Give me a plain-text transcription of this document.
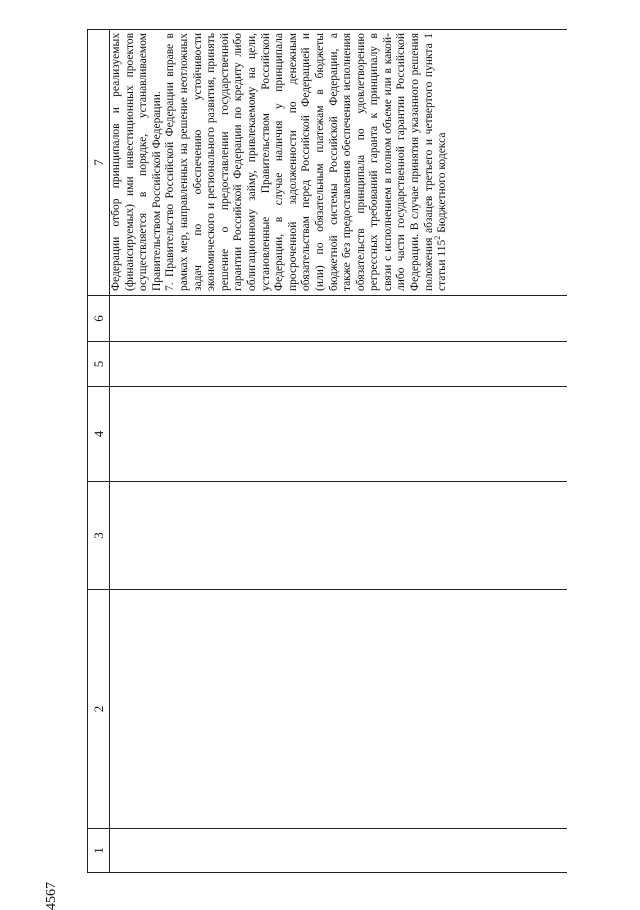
4567
1	2	3	4	5	6	7

						Федерации отбор принципалов и реализуемых (финансируемых) ими инвестиционных проектов осуществляется в порядке, устанавливаемом Правительством Российской Федерации. 7. Правительство Российской Федерации вправе в рамках мер, направленных на решение неотложных задач по обеспечению устойчивости экономического и регионального развития, принять решение о предоставлении государственной гарантии Российской Федерации по кредиту либо облигационному займу, привлекаемому на цели, установленные Правительством Российской Федерации, в случае наличия у принципала просроченной задолженности по денежным обязательствам перед Российской Федерацией и (или) по обязательным платежам в бюджеты бюджетной системы Российской Федерации, а также без предоставления обеспечения исполнения обязательств принципала по удовлетворению регрессных требований гаранта к принципалу в связи с исполнением в полном объеме или в какой-либо части государственной гарантии Российской Федерации. В случае принятия указанного решения положения абзацев третьего и четвертого пункта 1 статьи $115^2$ Бюджетного кодекса
